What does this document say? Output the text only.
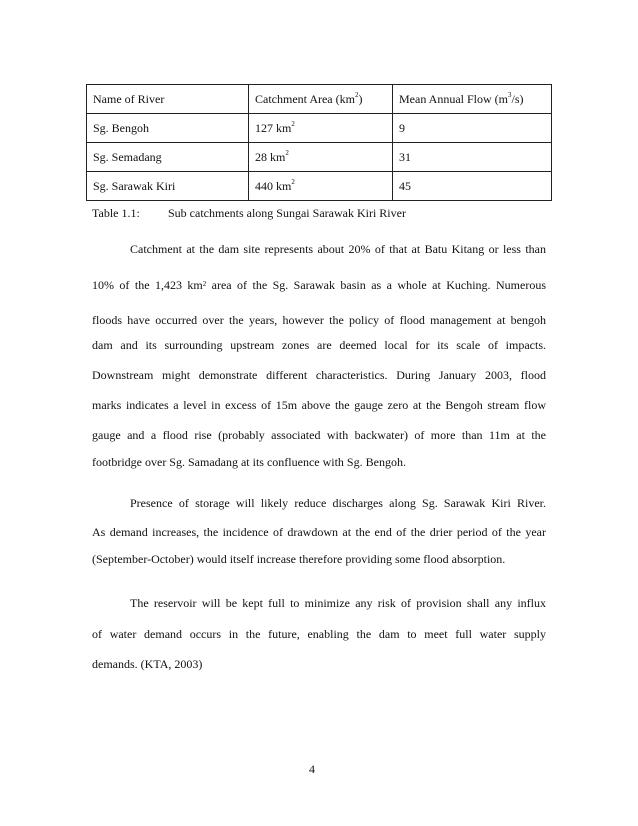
Name of River	Catchment Area $(km^2)$	Mean Annual Flow $(m^3/s)$
Sg. Bengoh	127 $km^2$	9
Sg. Semadang	28 $km^2$	31
Sg. Sarawak Kiri	440 $km^2$	45
Table 1.1: Sub catchments along Sungai Sarawak Kiri River
Catchment at the dam site represents about 20% of that at Batu Kitang or less than
10% of the 1,423 $km^2$ area of the Sg. Sarawak basin as a whole at Kuching. Numerous
floods have occurred over the years, however the policy of flood management at bengoh
dam and its surrounding upstream zones are deemed local for its scale of impacts.
Downstream might demonstrate different characteristics. During January 2003, flood
marks indicates a level in excess of 15m above the gauge zero at the Bengoh stream flow
gauge and a flood rise (probably associated with backwater) of more than 11m at the
footbridge over Sg. Samadang at its confluence with Sg. Bengoh.
Presence of storage will likely reduce discharges along Sg. Sarawak Kiri River.
As demand increases, the incidence of drawdown at the end of the drier period of the year
(September-October) would itself increase therefore providing some flood absorption.
The reservoir will be kept full to minimize any risk of provision shall any influx
of water demand occurs in the future, enabling the dam to meet full water supply
demands. (KTA, 2003)
4
